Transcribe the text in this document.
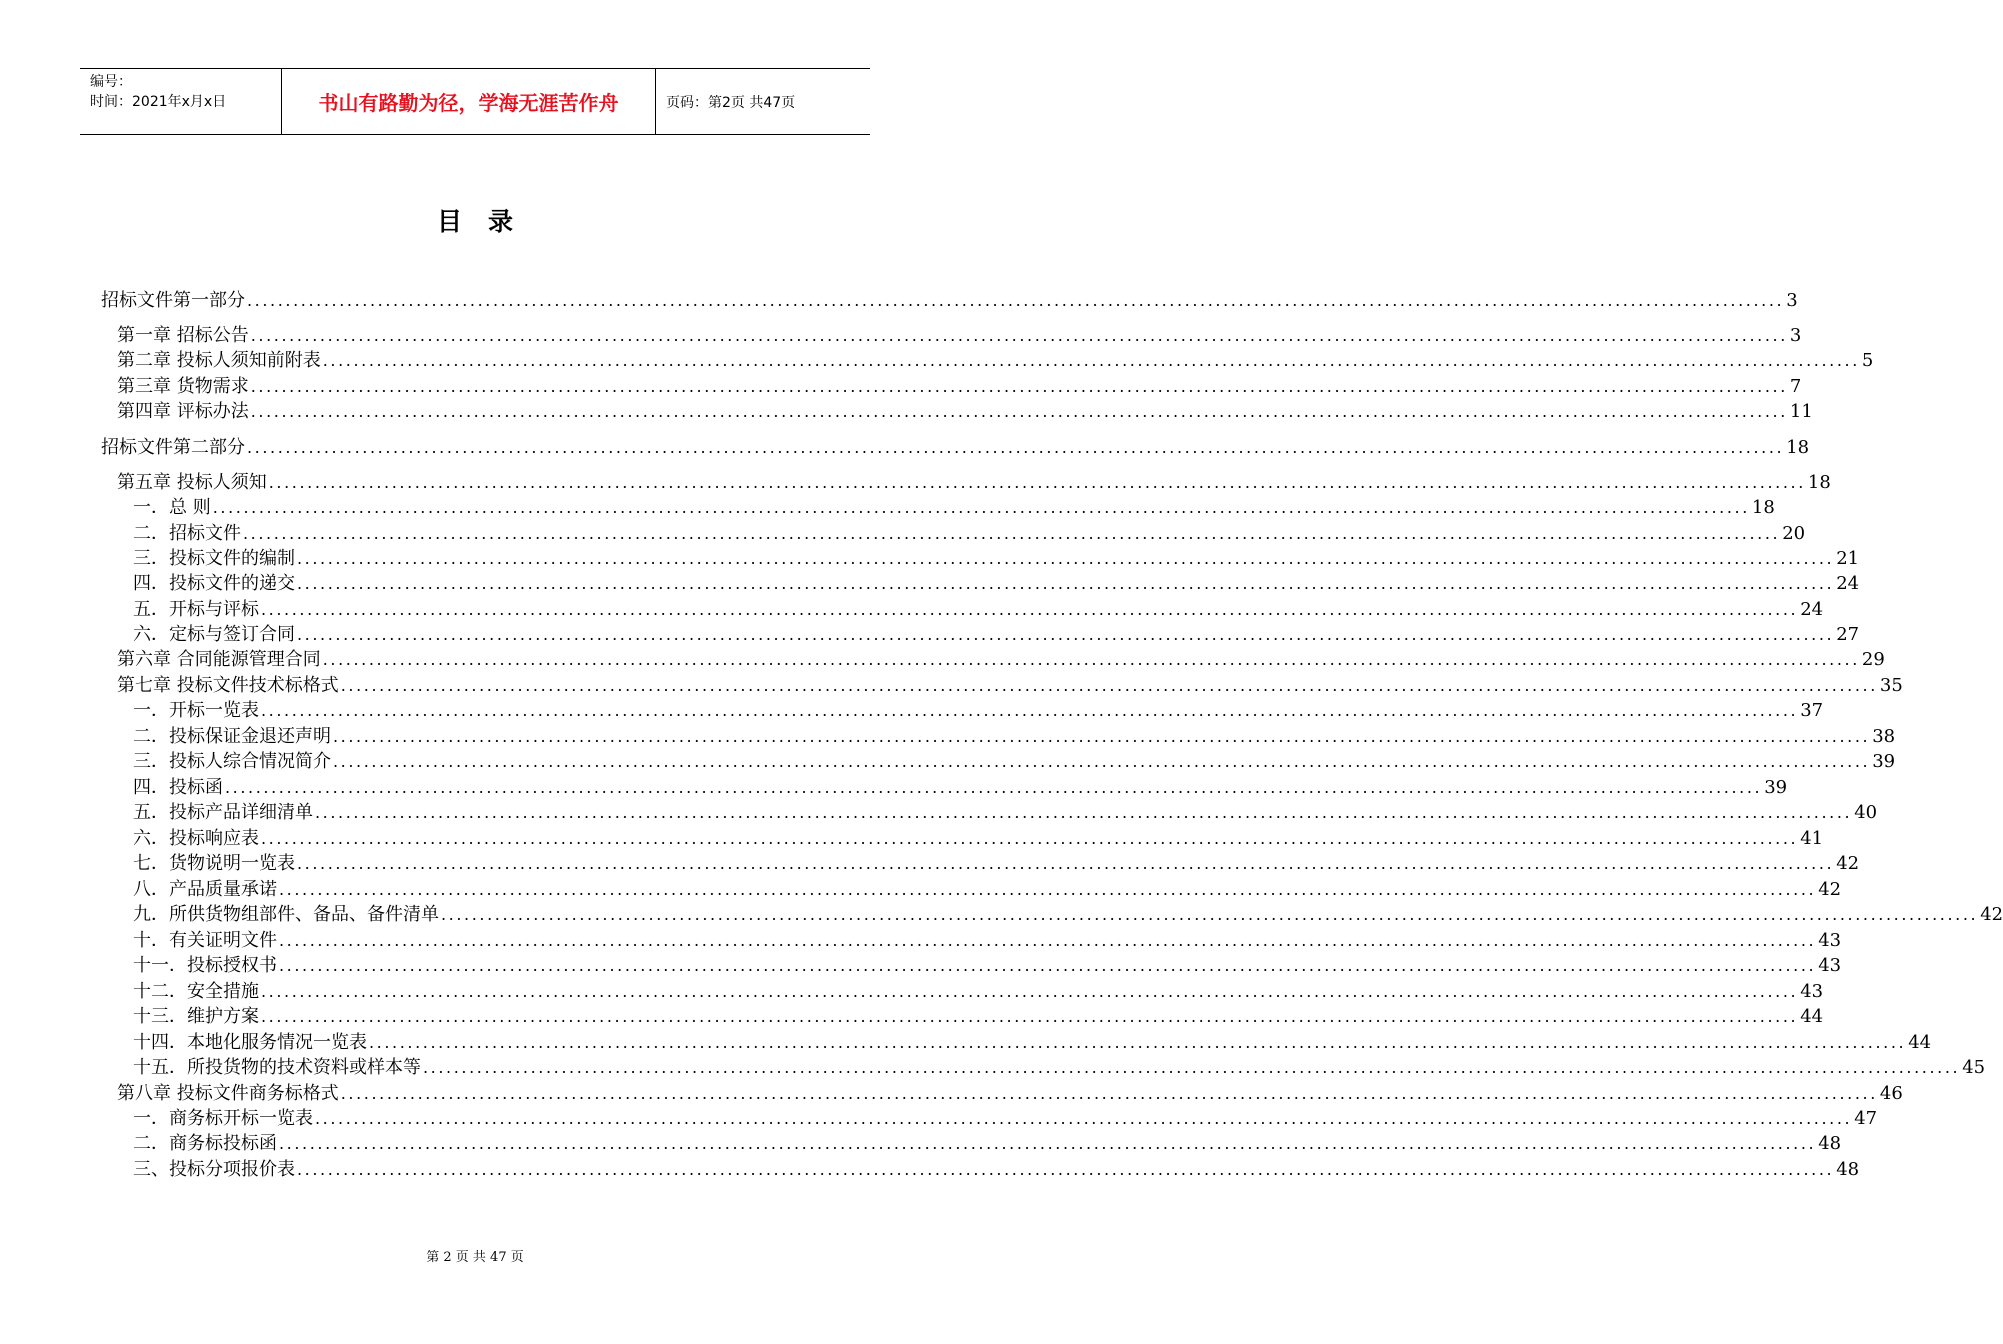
编号：
时间：2021年x月x日	书山有路勤为径，学海无涯苦作舟	页码：第2页 共47页
目录
招标文件第一部分 ........................................................................................................................................................................................................ 3
第一章 招标公告 ........................................................................................................................................................................................................ 3
第二章 投标人须知前附表 ........................................................................................................................................................................................................ 5
第三章 货物需求 ........................................................................................................................................................................................................ 7
第四章 评标办法 ........................................................................................................................................................................................................ 11
招标文件第二部分 ........................................................................................................................................................................................................ 18
第五章 投标人须知 ........................................................................................................................................................................................................ 18
一．总 则 ........................................................................................................................................................................................................ 18
二．招标文件 ........................................................................................................................................................................................................ 20
三．投标文件的编制 ........................................................................................................................................................................................................ 21
四．投标文件的递交 ........................................................................................................................................................................................................ 24
五．开标与评标 ........................................................................................................................................................................................................ 24
六．定标与签订合同 ........................................................................................................................................................................................................ 27
第六章 合同能源管理合同 ........................................................................................................................................................................................................ 29
第七章 投标文件技术标格式 ........................................................................................................................................................................................................ 35
一．开标一览表 ........................................................................................................................................................................................................ 37
二．投标保证金退还声明 ........................................................................................................................................................................................................ 38
三．投标人综合情况简介 ........................................................................................................................................................................................................ 39
四．投标函 ........................................................................................................................................................................................................ 39
五．投标产品详细清单 ........................................................................................................................................................................................................ 40
六．投标响应表 ........................................................................................................................................................................................................ 41
七．货物说明一览表 ........................................................................................................................................................................................................ 42
八．产品质量承诺 ........................................................................................................................................................................................................ 42
九．所供货物组部件、备品、备件清单 ........................................................................................................................................................................................................ 42
十．有关证明文件 ........................................................................................................................................................................................................ 43
十一．投标授权书 ........................................................................................................................................................................................................ 43
十二．安全措施 ........................................................................................................................................................................................................ 43
十三．维护方案 ........................................................................................................................................................................................................ 44
十四．本地化服务情况一览表 ........................................................................................................................................................................................................ 44
十五．所投货物的技术资料或样本等 ........................................................................................................................................................................................................ 45
第八章 投标文件商务标格式 ........................................................................................................................................................................................................ 46
一．商务标开标一览表 ........................................................................................................................................................................................................ 47
二．商务标投标函 ........................................................................................................................................................................................................ 48
三、投标分项报价表 ........................................................................................................................................................................................................ 48
第 2 页 共 47 页
